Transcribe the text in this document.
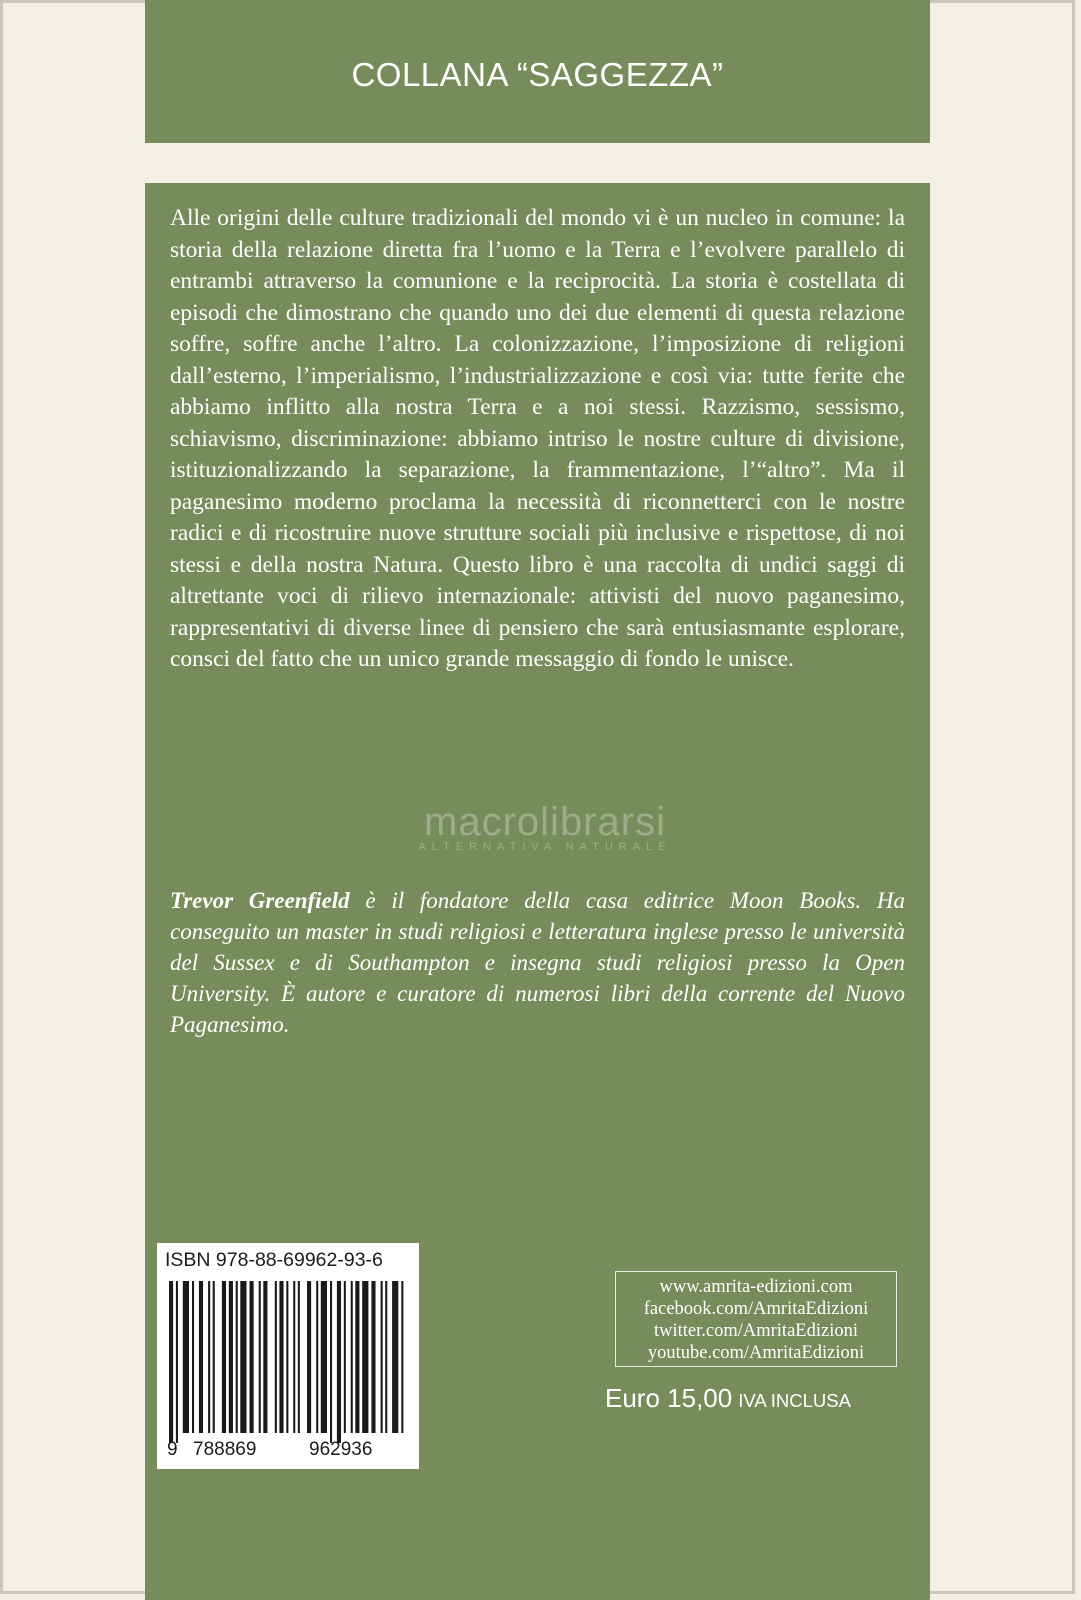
COLLANA “SAGGEZZA”

Alle origini delle culture tradizionali del mondo vi è un nucleo in comune: la storia della relazione diretta fra l’uomo e la Terra e l’evolvere parallelo di entrambi attraverso la comunione e la reciprocità. La storia è costellata di episodi che dimostrano che quando uno dei due elementi di questa relazione soffre, soffre anche l’altro. La colonizzazione, l’imposizione di religioni dall’esterno, l’imperialismo, l’industrializzazione e così via: tutte ferite che abbiamo inflitto alla nostra Terra e a noi stessi. Razzismo, sessismo, schiavismo, discriminazione: abbiamo intriso le nostre culture di divisione, istituzionalizzando la separazione, la frammentazione, l’“altro”. Ma il paganesimo moderno proclama la necessità di riconnetterci con le nostre radici e di ricostruire nuove strutture sociali più inclusive e rispettose, di noi stessi e della nostra Natura. Questo libro è una raccolta di undici saggi di altrettante voci di rilievo internazionale: attivisti del nuovo paganesimo, rappresentativi di diverse linee di pensiero che sarà entusiasmante esplorare, consci del fatto che un unico grande messaggio di fondo le unisce.

macrolibrarsi
ALTERNATIVA NATURALE

Trevor Greenfield è il fondatore della casa editrice Moon Books. Ha conseguito un master in studi religiosi e letteratura inglese presso le università del Sussex e di Southampton e insegna studi religiosi presso la Open University. È autore e curatore di numerosi libri della corrente del Nuovo Paganesimo.

ISBN 978-88-69962-93-6
9 788869	962936
www.amrita-edizioni.com
facebook.com/AmritaEdizioni
twitter.com/AmritaEdizioni
youtube.com/AmritaEdizioni
Euro 15,00 IVA INCLUSA
